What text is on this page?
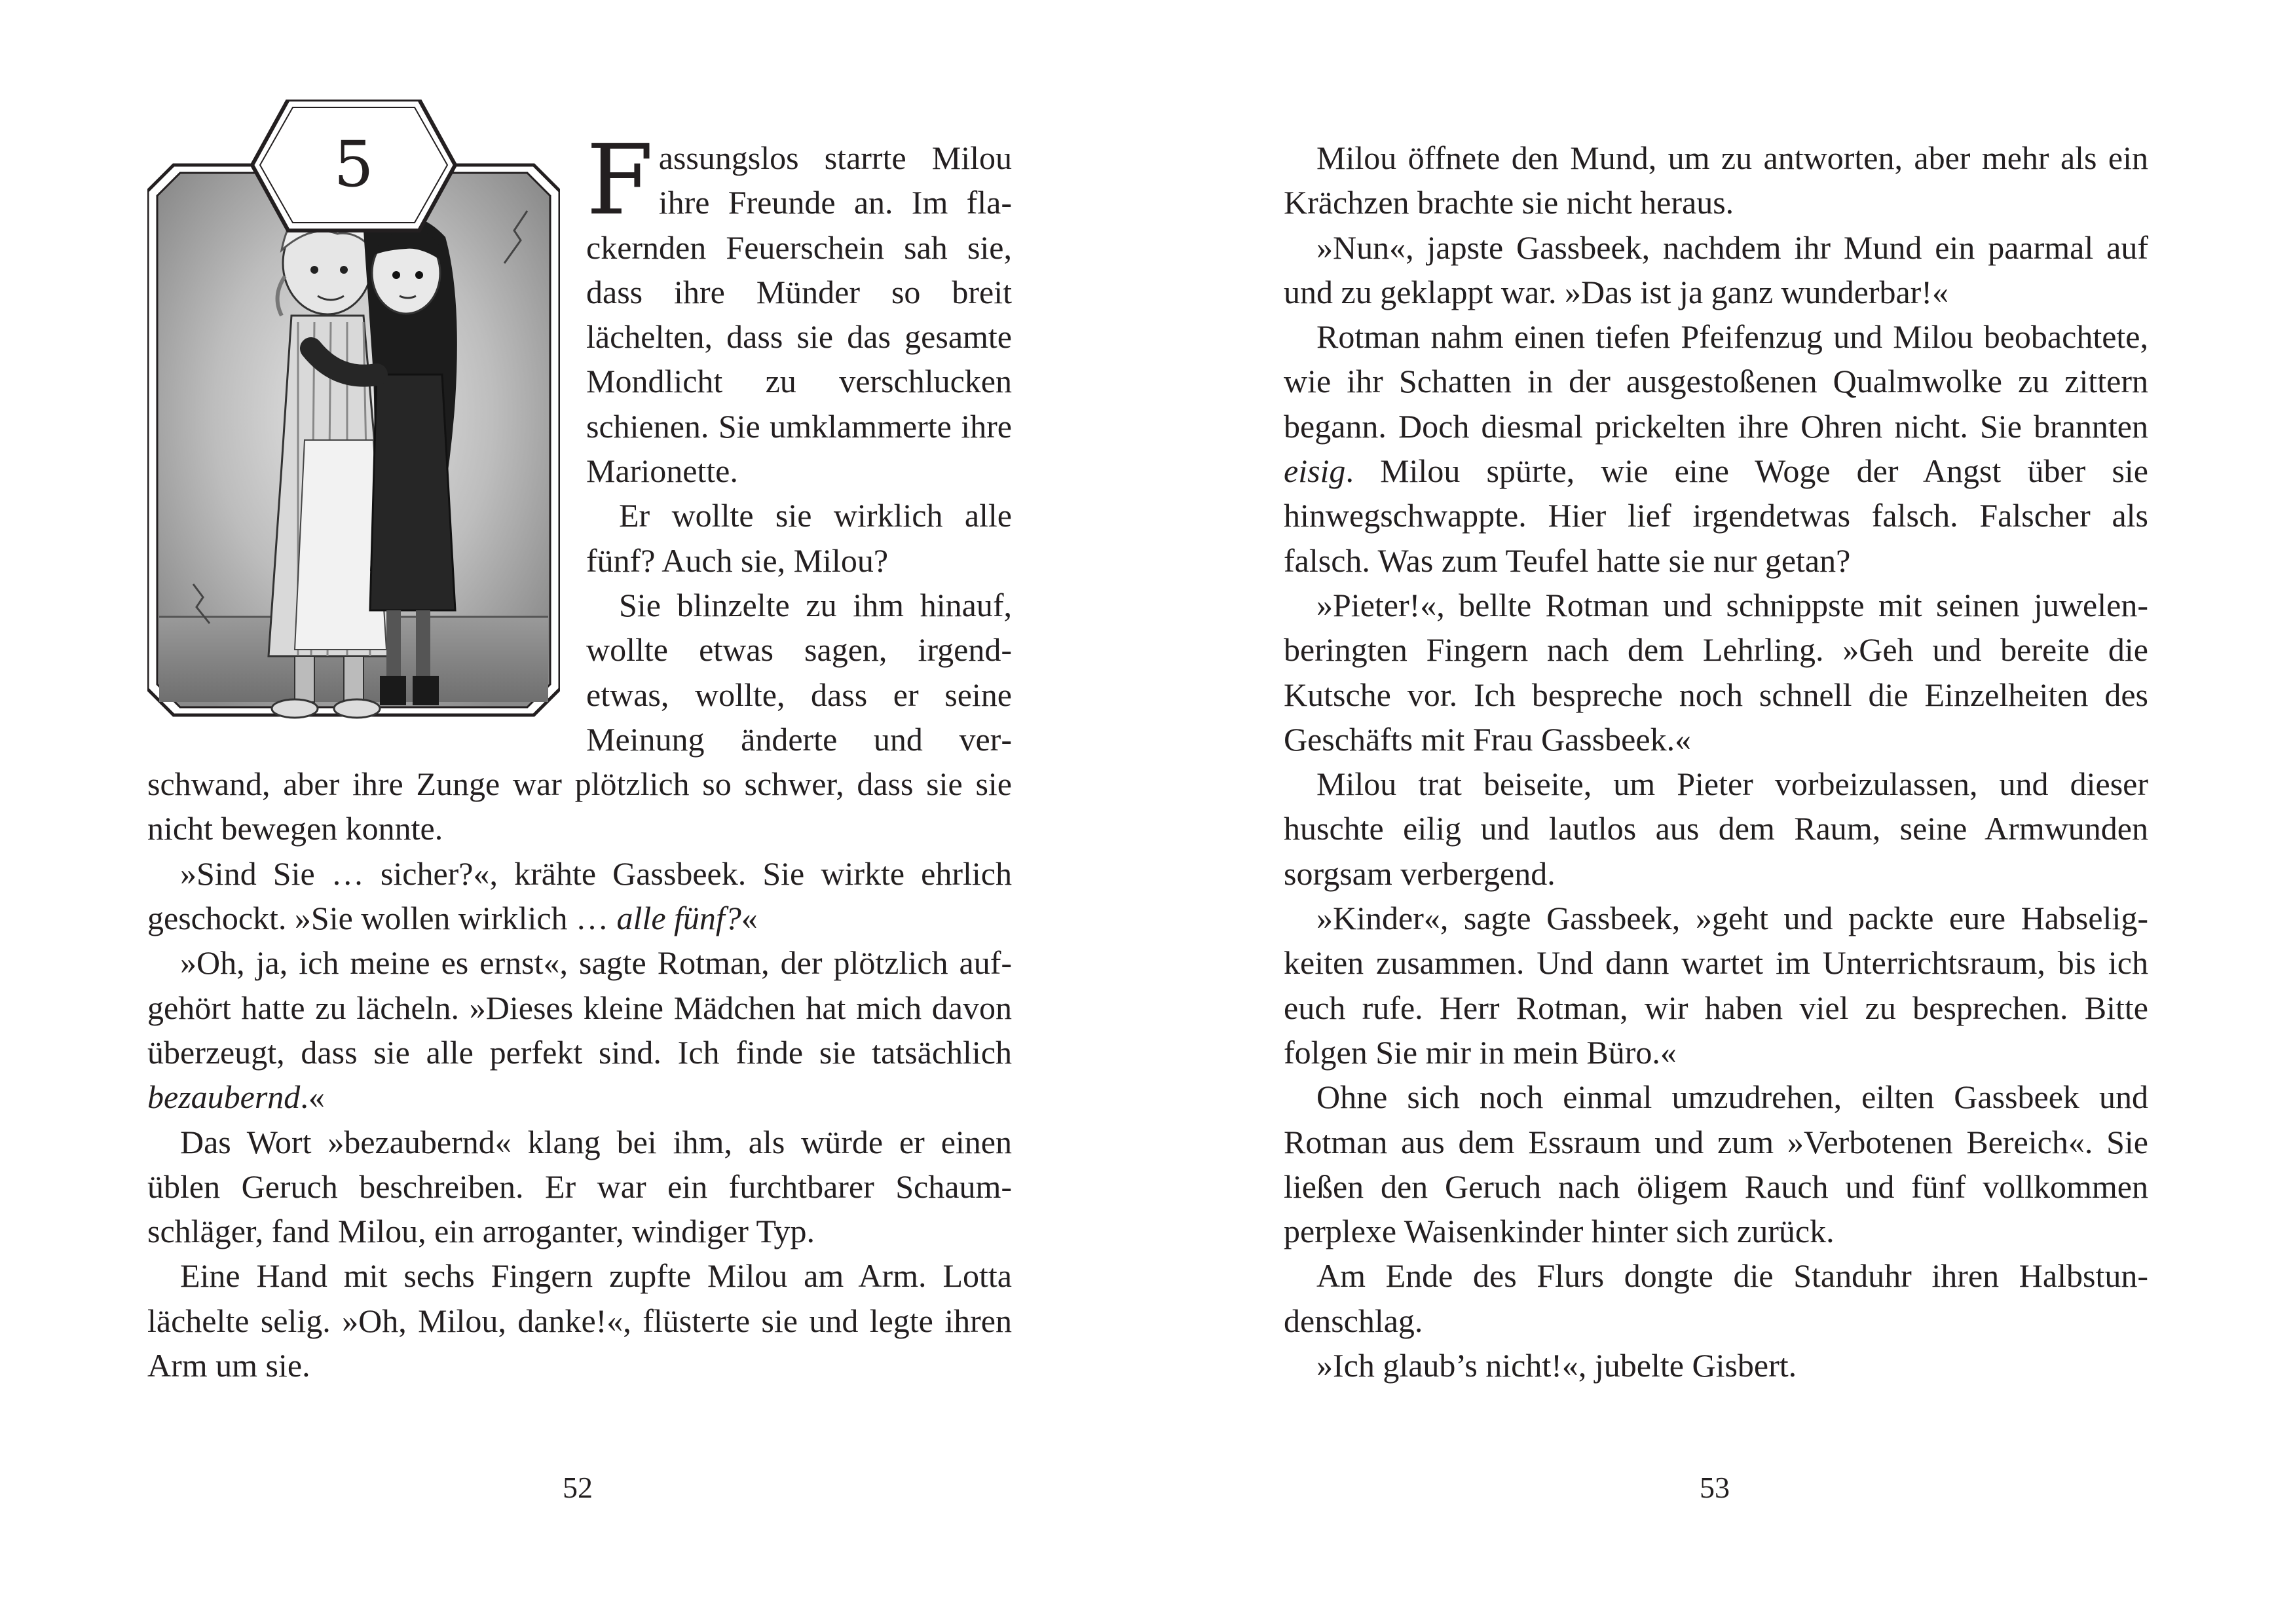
5 Fassungslos starrte Milou ihre Freunde an. Im flackernden Feuerschein sah sie, dass ihre Münder so breit lächelten, dass sie das gesamte Mondlicht zu verschlucken schienen. Sie umklammerte ihre Marionette.

Er wollte sie wirklich alle fünf? Auch sie, Milou?

Sie blinzelte zu ihm hinauf, wollte etwas sagen, irgendetwas, wollte, dass er seine Meinung änderte und verschwand, aber ihre Zunge war plötzlich so schwer, dass sie sie nicht bewegen konnte.

»Sind Sie … sicher?«, krähte Gassbeek. Sie wirkte ehrlich geschockt. »Sie wollen wirklich … alle fünf?«

»Oh, ja, ich meine es ernst«, sagte Rotman, der plötzlich aufgehört hatte zu lächeln. »Dieses kleine Mädchen hat mich davon überzeugt, dass sie alle perfekt sind. Ich finde sie tatsächlich bezaubernd.«

Das Wort »bezaubernd« klang bei ihm, als würde er einen üblen Geruch beschreiben. Er war ein furchtbarer Schaumschläger, fand Milou, ein arroganter, windiger Typ.

Eine Hand mit sechs Fingern zupfte Milou am Arm. Lotta lächelte selig. »Oh, Milou, danke!«, flüsterte sie und legte ihren Arm um sie.

52

Milou öffnete den Mund, um zu antworten, aber mehr als ein Krächzen brachte sie nicht heraus.

»Nun«, japste Gassbeek, nachdem ihr Mund ein paarmal auf und zu geklappt war. »Das ist ja ganz wunderbar!«

Rotman nahm einen tiefen Pfeifenzug und Milou beobachtete, wie ihr Schatten in der ausgestoßenen Qualmwolke zu zittern begann. Doch diesmal prickelten ihre Ohren nicht. Sie brannten eisig. Milou spürte, wie eine Woge der Angst über sie hinwegschwappte. Hier lief irgendetwas falsch. Falscher als falsch. Was zum Teufel hatte sie nur getan?

»Pieter!«, bellte Rotman und schnippste mit seinen juwelenberingten Fingern nach dem Lehrling. »Geh und bereite die Kutsche vor. Ich bespreche noch schnell die Einzelheiten des Geschäfts mit Frau Gassbeek.«

Milou trat beiseite, um Pieter vorbeizulassen, und dieser huschte eilig und lautlos aus dem Raum, seine Armwunden sorgsam verbergend.

»Kinder«, sagte Gassbeek, »geht und packte eure Habseligkeiten zusammen. Und dann wartet im Unterrichtsraum, bis ich euch rufe. Herr Rotman, wir haben viel zu besprechen. Bitte folgen Sie mir in mein Büro.«

Ohne sich noch einmal umzudrehen, eilten Gassbeek und Rotman aus dem Essraum und zum »Verbotenen Bereich«. Sie ließen den Geruch nach öligem Rauch und fünf vollkommen perplexe Waisenkinder hinter sich zurück.

Am Ende des Flurs dongte die Standuhr ihren Halbstundenschlag.

»Ich glaub’s nicht!«, jubelte Gisbert.

53
